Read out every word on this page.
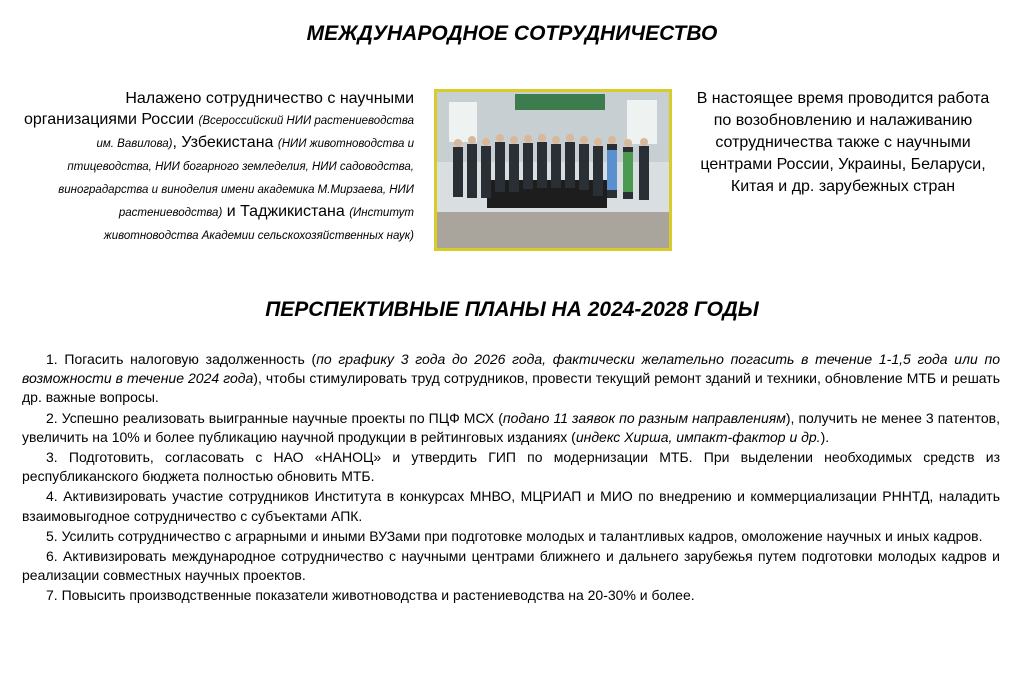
МЕЖДУНАРОДНОЕ СОТРУДНИЧЕСТВО
Налажено сотрудничество с научными организациями России (Всероссийский НИИ растениеводства им. Вавилова), Узбекистана (НИИ животноводства и птицеводства, НИИ богарного земледелия, НИИ садоводства, виноградарства и виноделия имени академика М.Мирзаева, НИИ растениеводства) и Таджикистана (Институт животноводства Академии сельскохозяйственных наук)
В настоящее время проводится работа по возобновлению и налаживанию сотрудничества также с научными центрами России, Украины, Беларуси, Китая и др. зарубежных стран
ПЕРСПЕКТИВНЫЕ ПЛАНЫ НА 2024-2028 ГОДЫ
1. Погасить налоговую задолженность (по графику 3 года до 2026 года, фактически желательно погасить в течение 1-1,5 года или по возможности в течение 2024 года), чтобы стимулировать труд сотрудников, провести текущий ремонт зданий и техники, обновление МТБ и решать др. важные вопросы.
2. Успешно реализовать выигранные научные проекты по ПЦФ МСХ (подано 11 заявок по разным направлениям), получить не менее 3 патентов, увеличить на 10% и более публикацию научной продукции в рейтинговых изданиях (индекс Хирша, импакт-фактор и др.).
3. Подготовить, согласовать с НАО «НАНОЦ» и утвердить ГИП по модернизации МТБ. При выделении необходимых средств из республиканского бюджета полностью обновить МТБ.
4. Активизировать участие сотрудников Института в конкурсах МНВО, МЦРИАП и МИО по внедрению и коммерциализации РННТД, наладить взаимовыгодное сотрудничество с субъектами АПК.
5. Усилить сотрудничество с аграрными и иными ВУЗами при подготовке молодых и талантливых кадров, омоложение научных и иных кадров.
6. Активизировать международное сотрудничество с научными центрами ближнего и дальнего зарубежья путем подготовки молодых кадров и реализации совместных научных проектов.
7. Повысить производственные показатели животноводства и растениеводства на 20-30% и более.
